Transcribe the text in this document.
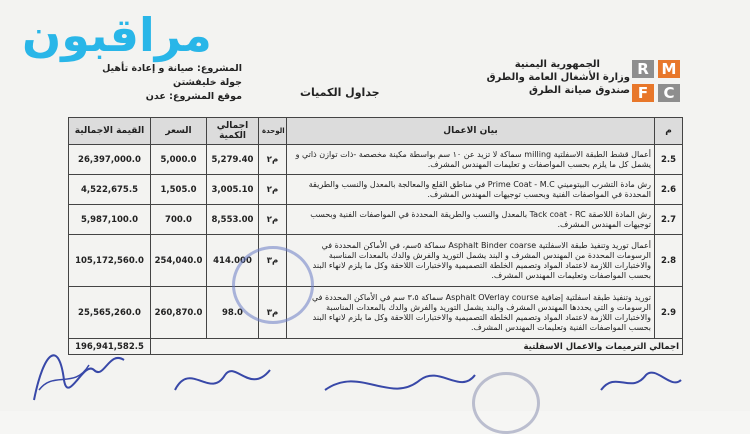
مراقبون
المشروع: صيانة و إعادة تأهيل جولة خليفشتن
موقع المشروع: عدن	جداول الكميات
الجمهورية اليمنية
وزارة الأشغال العامة والطرق
صندوق صيانة الطرق
R M
F	C
القيمة الاجمالية	السعر	اجمالي الكمية	الوحدة	بيان الاعمال	م
26,397,000.0	5,000.0	5,279.40	م٢	أعمال قشط الطبقة الاسفلتية milling سماكة لا تزيد عن ١٠ سم بواسطة مكينة مخصصة -ذات توازن ذاتي و يشمل كل ما يلزم بحسب المواصفات و تعليمات المهندس المشرف.	2.5
4,522,675.5	1,505.0	3,005.10	م٢	رش مادة التشرب البيتوميني Prime Coat - M.C في مناطق القلع والمعالجة بالمعدل والنسب والطريقة المحددة في المواصفات الفنية وبحسب توجيهات المهندس المشرف.	2.6
5,987,100.0	700.0	8,553.00	م٢	رش المادة اللاصقة Tack coat - RC بالمعدل والنسب والطريقة المحددة في المواصفات الفنية وبحسب توجيهات المهندس المشرف.	2.7
105,172,560.0	254,040.0	414.000	م٣	أعمال توريد وتنفيذ طبقة الاسفلتية Asphalt Binder coarse سماكة ٥سم، في الأماكن المحددة في الرسومات المحددة من المهندس المشرف و البند يشمل التوريد والفرش والدك بالمعدات المناسبة والاختبارات اللازمة لاعتماد المواد وتصميم الخلطة التصميمية والاختبارات اللاحقة وكل ما يلزم لانهاء البند بحسب المواصفات وتعليمات المهندس المشرف.	2.8
25,565,260.0	260,870.0	98.0	م٣	توريد وتنفيذ طبقة اسفلتية إضافية Asphalt OVerlay course سماكة ٣،٥ سم في الأماكن المحددة في الرسومات و التي يحددها المهندس المشرف والبند يشمل التوريد والفرش والدك بالمعدات المناسبة والاختبارات اللازمة لاعتماد المواد وتصميم الخلطة التصميمية والاختبارات اللاحقة وكل ما يلزم لانهاء البند بحسب المواصفات الفنية وتعليمات المهندس المشرف.	2.9
196,941,582.5	اجمالي الترميمات والاعمال الاسفلتية				
